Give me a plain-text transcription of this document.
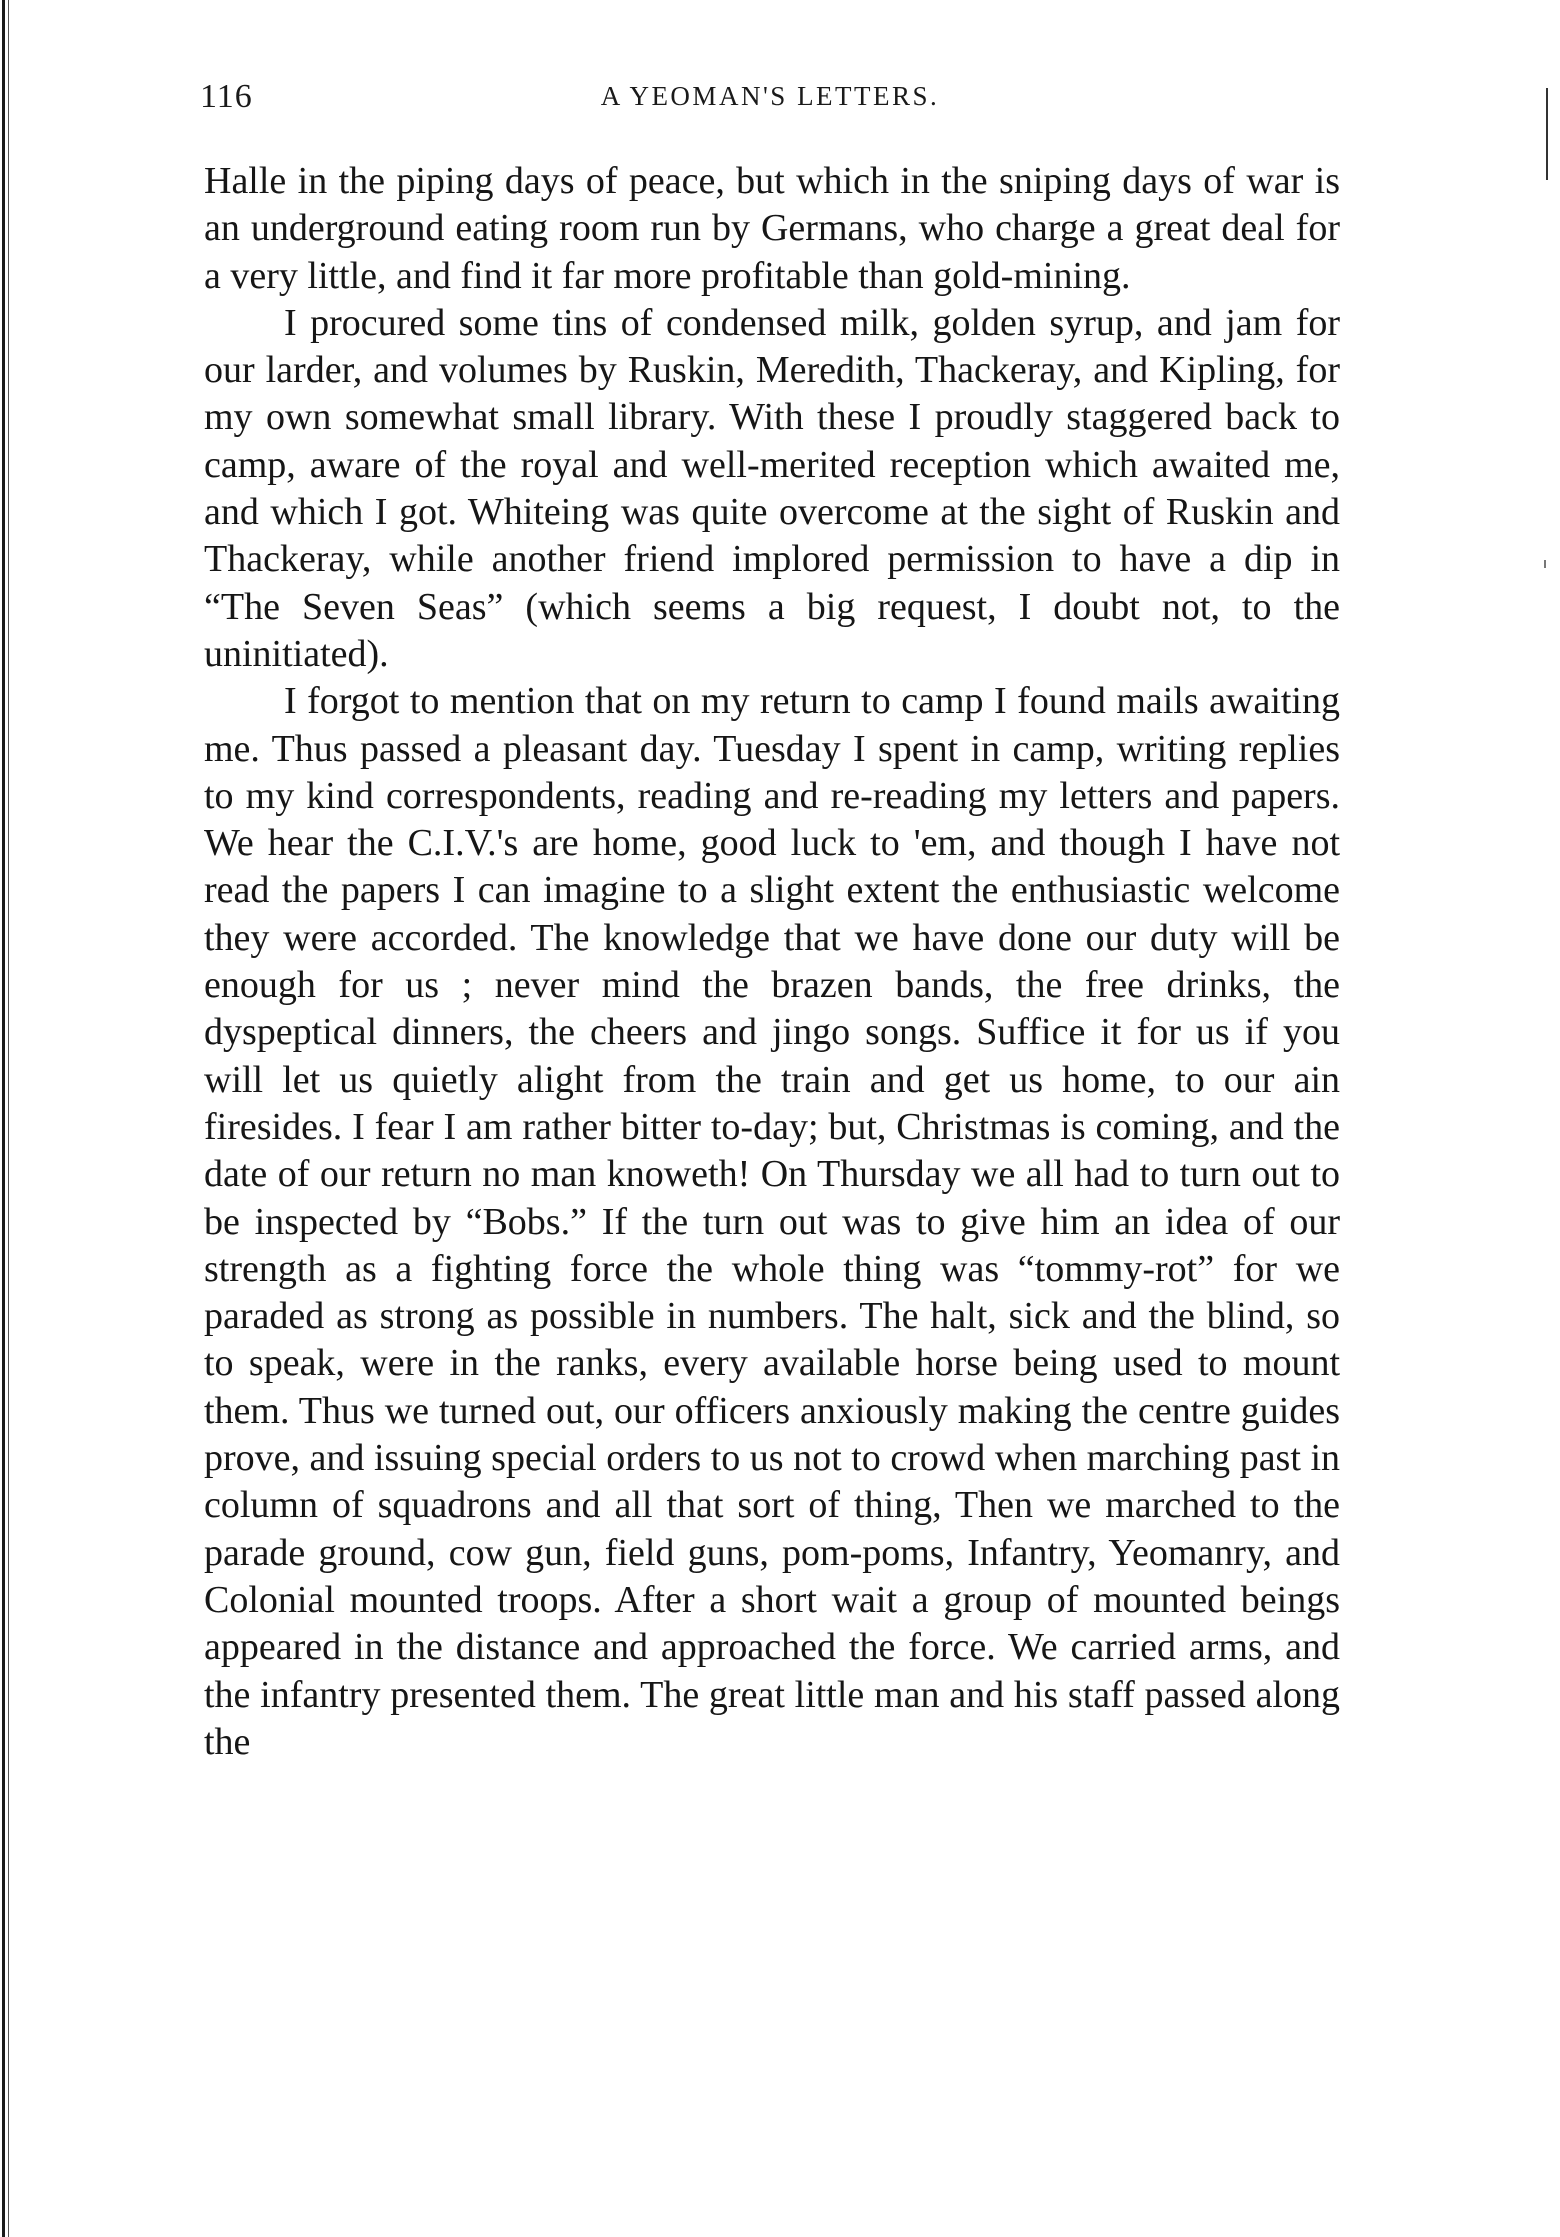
116	A YEOMAN'S LETTERS.

Halle in the piping days of peace, but which in the sniping days of war is an underground eating room run by Germans, who charge a great deal for a very little, and find it far more profitable than gold-mining.

I procured some tins of condensed milk, golden syrup, and jam for our larder, and volumes by Ruskin, Meredith, Thackeray, and Kipling, for my own somewhat small library. With these I proudly staggered back to camp, aware of the royal and well-merited reception which awaited me, and which I got. Whiteing was quite overcome at the sight of Ruskin and Thackeray, while another friend implored permission to have a dip in “The Seven Seas” (which seems a big request, I doubt not, to the uninitiated).

I forgot to mention that on my return to camp I found mails awaiting me. Thus passed a pleasant day. Tuesday I spent in camp, writing replies to my kind correspondents, reading and re-reading my letters and papers. We hear the C.I.V.'s are home, good luck to 'em, and though I have not read the papers I can imagine to a slight extent the enthusiastic welcome they were accorded. The knowledge that we have done our duty will be enough for us ; never mind the brazen bands, the free drinks, the dyspeptical dinners, the cheers and jingo songs. Suffice it for us if you will let us quietly alight from the train and get us home, to our ain firesides. I fear I am rather bitter to-day; but, Christmas is coming, and the date of our return no man knoweth! On Thursday we all had to turn out to be inspected by “Bobs.” If the turn out was to give him an idea of our strength as a fighting force the whole thing was “tommy-rot” for we paraded as strong as possible in numbers. The halt, sick and the blind, so to speak, were in the ranks, every available horse being used to mount them. Thus we turned out, our officers anxiously making the centre guides prove, and issuing special orders to us not to crowd when marching past in column of squadrons and all that sort of thing, Then we marched to the parade ground, cow gun, field guns, pom-poms, Infantry, Yeomanry, and Colonial mounted troops. After a short wait a group of mounted beings appeared in the distance and approached the force. We carried arms, and the infantry presented them. The great little man and his staff passed along the
